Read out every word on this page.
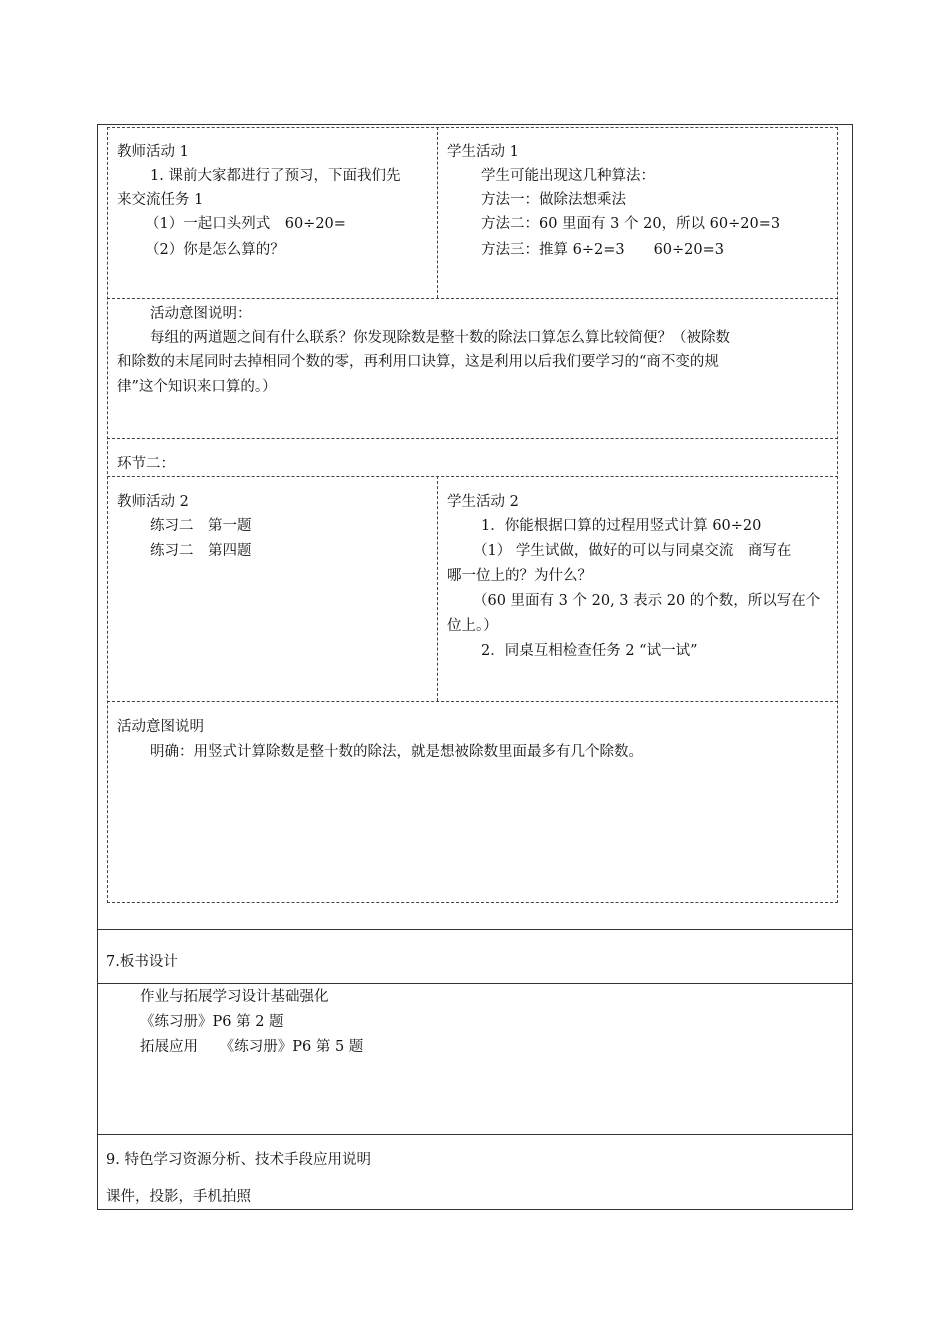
教师活动 1
1. 课前大家都进行了预习，下面我们先
来交流任务 1
（1）一起口头列式　60÷20=
（2）你是怎么算的？
学生活动 1
学生可能出现这几种算法：
方法一：做除法想乘法
方法二：60 里面有 3 个 20，所以 60÷20=3
方法三：推算 6÷2=3　　60÷20=3
活动意图说明：
每组的两道题之间有什么联系？你发现除数是整十数的除法口算怎么算比较简便？（被除数
和除数的末尾同时去掉相同个数的零，再利用口诀算，这是利用以后我们要学习的“商不变的规
律”这个知识来口算的。）
环节二：
教师活动 2
练习二　第一题
练习二　第四题
学生活动 2
1．你能根据口算的过程用竖式计算 60÷20
（1） 学生试做，做好的可以与同桌交流　商写在
哪一位上的？为什么？
（60 里面有 3 个 20, 3 表示 20 的个数，所以写在个
位上。）
2．同桌互相检查任务 2 “试一试”
活动意图说明
明确：用竖式计算除数是整十数的除法，就是想被除数里面最多有几个除数。
7.板书设计
作业与拓展学习设计基础强化
《练习册》P6 第 2 题
拓展应用　　《练习册》P6 第 5 题
9. 特色学习资源分析、技术手段应用说明
课件，投影，手机拍照
